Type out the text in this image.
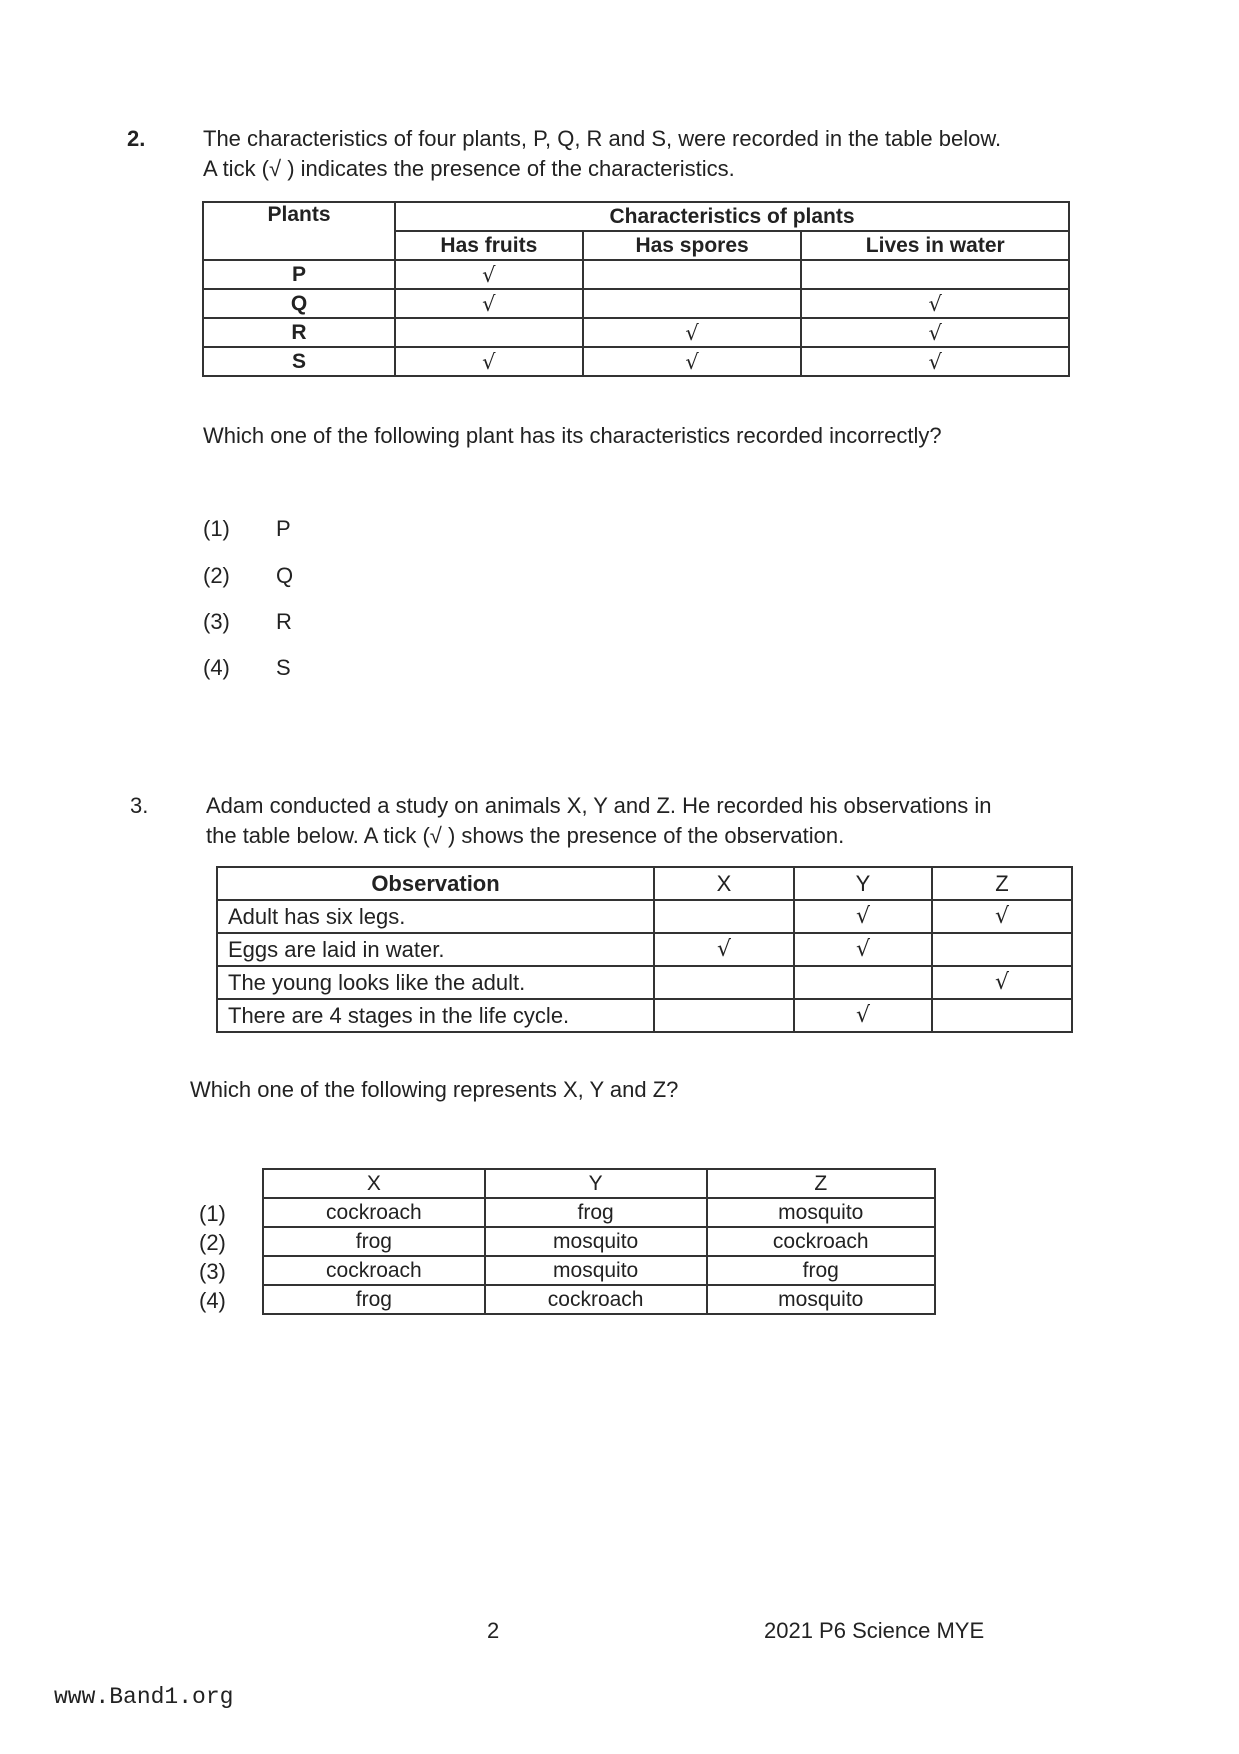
2.	The characteristics of four plants, P, Q, R and S, were recorded in the table below.
A tick (√ ) indicates the presence of the characteristics.
Plants	Characteristics of plants		
	Has fruits	Has spores	Lives in water
P	√		
Q	√		√
R		√	√
S	√	√	√
Which one of the following plant has its characteristics recorded incorrectly?
(1) P
(2) Q
(3) R
(4) S
3.	Adam conducted a study on animals X, Y and Z. He recorded his observations in
the table below. A tick (√ ) shows the presence of the observation.
Observation	X	Y	Z
Adult has six legs.		√	√
Eggs are laid in water.	√	√	
The young looks like the adult.			√
There are 4 stages in the life cycle.		√	
Which one of the following represents X, Y and Z?
(1)
(2)
(3)
(4)
X	Y	Z
cockroach	frog	mosquito
frog	mosquito	cockroach
cockroach	mosquito	frog
frog	cockroach	mosquito
2	2021 P6 Science MYE
www.Band1.org
